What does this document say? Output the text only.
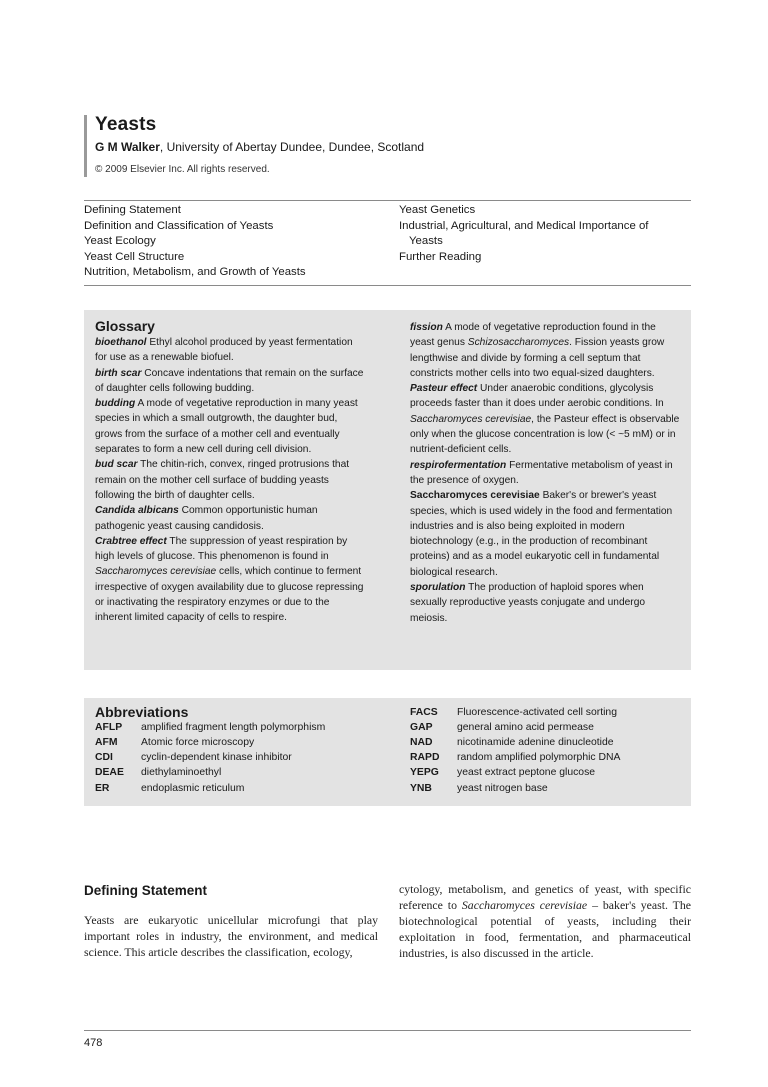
Yeasts
G M Walker, University of Abertay Dundee, Dundee, Scotland
© 2009 Elsevier Inc. All rights reserved.
Defining Statement
Definition and Classification of Yeasts
Yeast Ecology
Yeast Cell Structure
Nutrition, Metabolism, and Growth of Yeasts
Yeast Genetics
Industrial, Agricultural, and Medical Importance of
Yeasts
Further Reading
Glossary

bioethanol Ethyl alcohol produced by yeast fermentation for use as a renewable biofuel.

birth scar Concave indentations that remain on the surface of daughter cells following budding.

budding A mode of vegetative reproduction in many yeast species in which a small outgrowth, the daughter bud, grows from the surface of a mother cell and eventually separates to form a new cell during cell division.

bud scar The chitin-rich, convex, ringed protrusions that remain on the mother cell surface of budding yeasts following the birth of daughter cells.

Candida albicans Common opportunistic human pathogenic yeast causing candidosis.

Crabtree effect The suppression of yeast respiration by high levels of glucose. This phenomenon is found in Saccharomyces cerevisiae cells, which continue to ferment irrespective of oxygen availability due to glucose repressing or inactivating the respiratory enzymes or due to the inherent limited capacity of cells to respire.

fission A mode of vegetative reproduction found in the yeast genus Schizosaccharomyces. Fission yeasts grow lengthwise and divide by forming a cell septum that constricts mother cells into two equal-sized daughters.

Pasteur effect Under anaerobic conditions, glycolysis proceeds faster than it does under aerobic conditions. In Saccharomyces cerevisiae, the Pasteur effect is observable only when the glucose concentration is low (< ~5 mM) or in nutrient-deficient cells.

respirofermentation Fermentative metabolism of yeast in the presence of oxygen.

Saccharomyces cerevisiae Baker's or brewer's yeast species, which is used widely in the food and fermentation industries and is also being exploited in modern biotechnology (e.g., in the production of recombinant proteins) and as a model eukaryotic cell in fundamental biological research.

sporulation The production of haploid spores when sexually reproductive yeasts conjugate and undergo meiosis.

Abbreviations
AFLP amplified fragment length polymorphism
AFM Atomic force microscopy
CDI	cyclin-dependent kinase inhibitor
DEAE diethylaminoethyl
ER	endoplasmic reticulum
FACS Fluorescence-activated cell sorting
GAP general amino acid permease
NAD nicotinamide adenine dinucleotide
RAPD random amplified polymorphic DNA
YEPG yeast extract peptone glucose
YNB yeast nitrogen base
Defining Statement
Yeasts are eukaryotic unicellular microfungi that play important roles in industry, the environment, and medical science. This article describes the classification, ecology,
cytology, metabolism, and genetics of yeast, with specific reference to Saccharomyces cerevisiae – baker's yeast. The biotechnological potential of yeasts, including their exploitation in food, fermentation, and pharmaceutical industries, is also discussed in the article.
478
